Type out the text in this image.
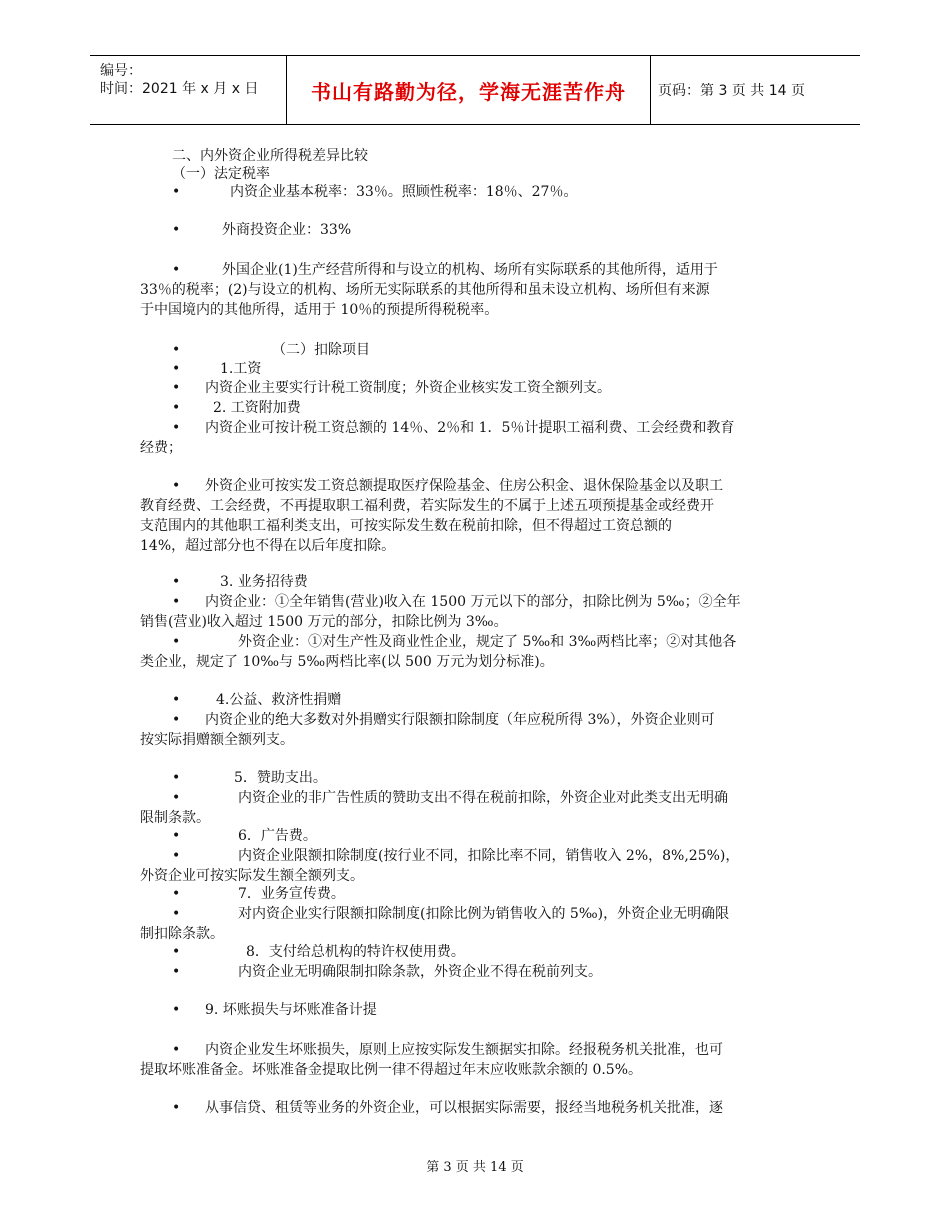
编号：
时间：2021 年 x 月 x 日	书山有路勤为径，学海无涯苦作舟 页码：第 3 页 共 14 页
二、内外资企业所得税差异比较
（一）法定税率
•	内资企业基本税率：33％。照顾性税率：18％、27％。
•	外商投资企业：33%
•	外国企业(1)生产经营所得和与设立的机构、场所有实际联系的其他所得，适用于
33％的税率；(2)与设立的机构、场所无实际联系的其他所得和虽未设立机构、场所但有来源
于中国境内的其他所得，适用于 10％的预提所得税税率。
•	（二）扣除项目
•	1.工资
• 内资企业主要实行计税工资制度；外资企业核实发工资全额列支。
• 2. 工资附加费
• 内资企业可按计税工资总额的 14％、2％和 1．5％计提职工福利费、工会经费和教育
经费；
• 外资企业可按实发工资总额提取医疗保险基金、住房公积金、退休保险基金以及职工
教育经费、工会经费，不再提取职工福利费，若实际发生的不属于上述五项预提基金或经费开
支范围内的其他职工福利类支出，可按实际发生数在税前扣除，但不得超过工资总额的
14%，超过部分也不得在以后年度扣除。
•	3. 业务招待费
• 内资企业：①全年销售(营业)收入在 1500 万元以下的部分，扣除比例为 5‰；②全年
销售(营业)收入超过 1500 万元的部分，扣除比例为 3‰。
•	外资企业：①对生产性及商业性企业，规定了 5‰和 3‰两档比率；②对其他各
类企业，规定了 10‰与 5‰两档比率(以 500 万元为划分标准)。
•	4.公益、救济性捐赠
• 内资企业的绝大多数对外捐赠实行限额扣除制度（年应税所得 3%），外资企业则可
按实际捐赠额全额列支。
•	5．赞助支出。
•	内资企业的非广告性质的赞助支出不得在税前扣除，外资企业对此类支出无明确
限制条款。
•	6．广告费。
•	内资企业限额扣除制度(按行业不同，扣除比率不同，销售收入 2%，8%,25%)，
外资企业可按实际发生额全额列支。
•	7．业务宣传费。
•	对内资企业实行限额扣除制度(扣除比例为销售收入的 5‰)，外资企业无明确限
制扣除条款。
•	8．支付给总机构的特许权使用费。
•	内资企业无明确限制扣除条款，外资企业不得在税前列支。
• 9. 坏账损失与坏账准备计提
• 内资企业发生坏账损失，原则上应按实际发生额据实扣除。经报税务机关批准，也可
提取坏账准备金。坏账准备金提取比例一律不得超过年末应收账款余额的 0.5%。
• 从事信贷、租赁等业务的外资企业，可以根据实际需要，报经当地税务机关批准，逐
第 3 页 共 14 页
